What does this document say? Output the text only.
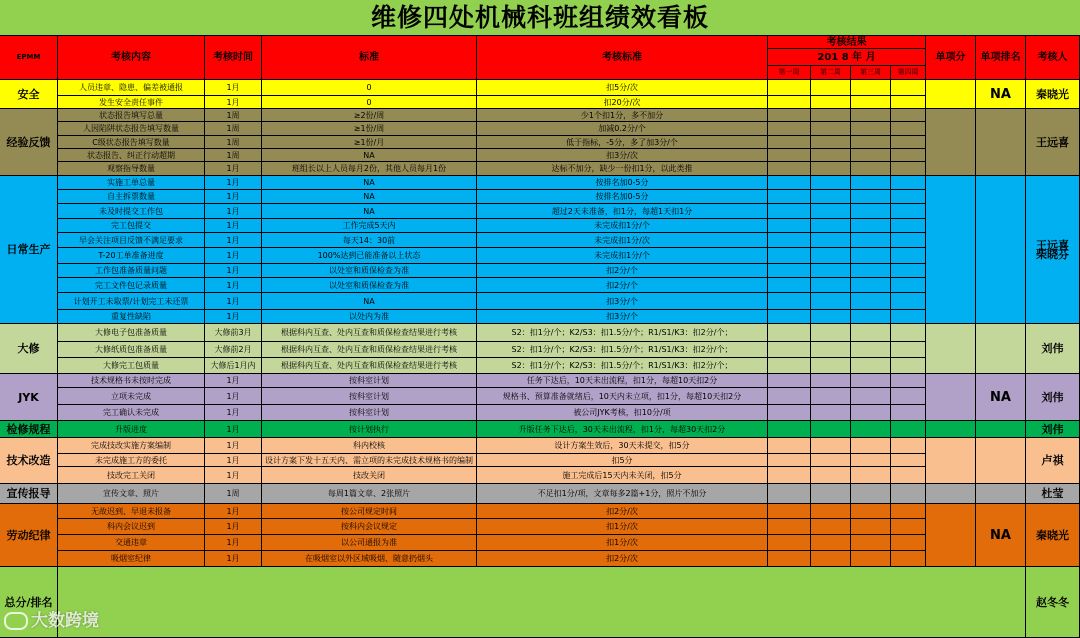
维修四处机械科班组绩效看板
EPMM	考核内容	考核时间	标准	考核标准
考核结果
201 8 年 月
第一周	第二周	第三周	第四周
单项分	单项排名	考核人
人员违章、隐患、偏差被通报	1月	0	扣5分/次
发生安全责任事件	1月	0	扣20分/次
安全	NA	秦晓光
状态报告填写总量	1周	≥2份/周	少1个扣1分，多不加分
人因陷阱状态报告填写数量	1周	≥1份/周	加减0.2分/个
C级状态报告填写数量	1周	≥1份/月	低于指标，-5分，多了加3分/个
状态报告、纠正行动超期	1周	NA	扣3分/次
观察指导数量	1月	班组长以上人员每月2份，其他人员每月1份	达标不加分，缺少一份扣1分，以此类推
经验反馈	王远喜
实施工单总量	1月	NA	按排名加0-5分
自主拆票数量	1月	NA	按排名加0-5分
未及时提交工作包	1月	NA	超过2天未准备，扣1分，每超1天扣1分
完工包提交	1月	工作完成5天内	未完成扣1分/个
早会关注项目反馈不满足要求	1月	每天14：30前	未完成扣1分/次
T-20工单准备进度	1月	100%达到已能准备以上状态	未完成扣1分/个
工作包准备质量问题	1月	以处室和质保检查为准	扣2分/个
完工文件包记录质量	1月	以处室和质保检查为准	扣2分/个
计划开工未取票/计划完工未还票	1月	NA	扣3分/个
重复性缺陷	1月	以处内为准	扣3分/个
日常生产	王远喜
柴晓芬
大修电子包准备质量	大修前3月	根据科内互查、处内互查和质保检查结果进行考核	S2：扣1分/个；K2/S3：扣1.5分/个；R1/S1/K3：扣2分/个；
大修纸质包准备质量	大修前2月	根据科内互查、处内互查和质保检查结果进行考核	S2：扣1分/个；K2/S3：扣1.5分/个；R1/S1/K3：扣2分/个；
大修完工包质量	大修后1月内	根据科内互查、处内互查和质保检查结果进行考核	S2：扣1分/个；K2/S3：扣1.5分/个；R1/S1/K3：扣2分/个；
大修	刘伟
技术规格书未按时完成	1月	按科室计划	任务下达后，10天未出流程，扣1分，每超10天扣2分
立项未完成	1月	按科室计划	规格书、预算准备就绪后，10天内未立项，扣1分，每超10天扣2分
完工确认未完成	1月	按科室计划	被公司JYK考核，扣10分/项
JYK	NA	刘伟
升版进度	1月	按计划执行	升版任务下达后，30天未出流程，扣1分，每超30天扣2分
检修规程	刘伟
完成技改实施方案编制	1月	科内校核	设计方案生效后，30天未提交，扣5分
未完成施工方的委托	1月	设计方案下发十五天内、需立项的未完成技术规格书的编制	扣5分
技改完工关闭	1月	技改关闭	施工完成后15天内未关闭，扣5分
技术改造	卢祺
宣传文章、照片	1周	每周1篇文章、2张照片	不足扣1分/项，文章每多2篇+1分，照片不加分
宣传报导	杜莹
无故迟到、早退未报备	1月	按公司规定时间	扣2分/次
科内会议迟到	1月	按科内会议规定	扣1分/次
交通违章	1月	以公司通报为准	扣1分/次
吸烟室纪律	1月	在吸烟室以外区域吸烟、随意扔烟头	扣2分/次
劳动纪律	NA	秦晓光
总分/排名	赵冬冬
大数跨境
